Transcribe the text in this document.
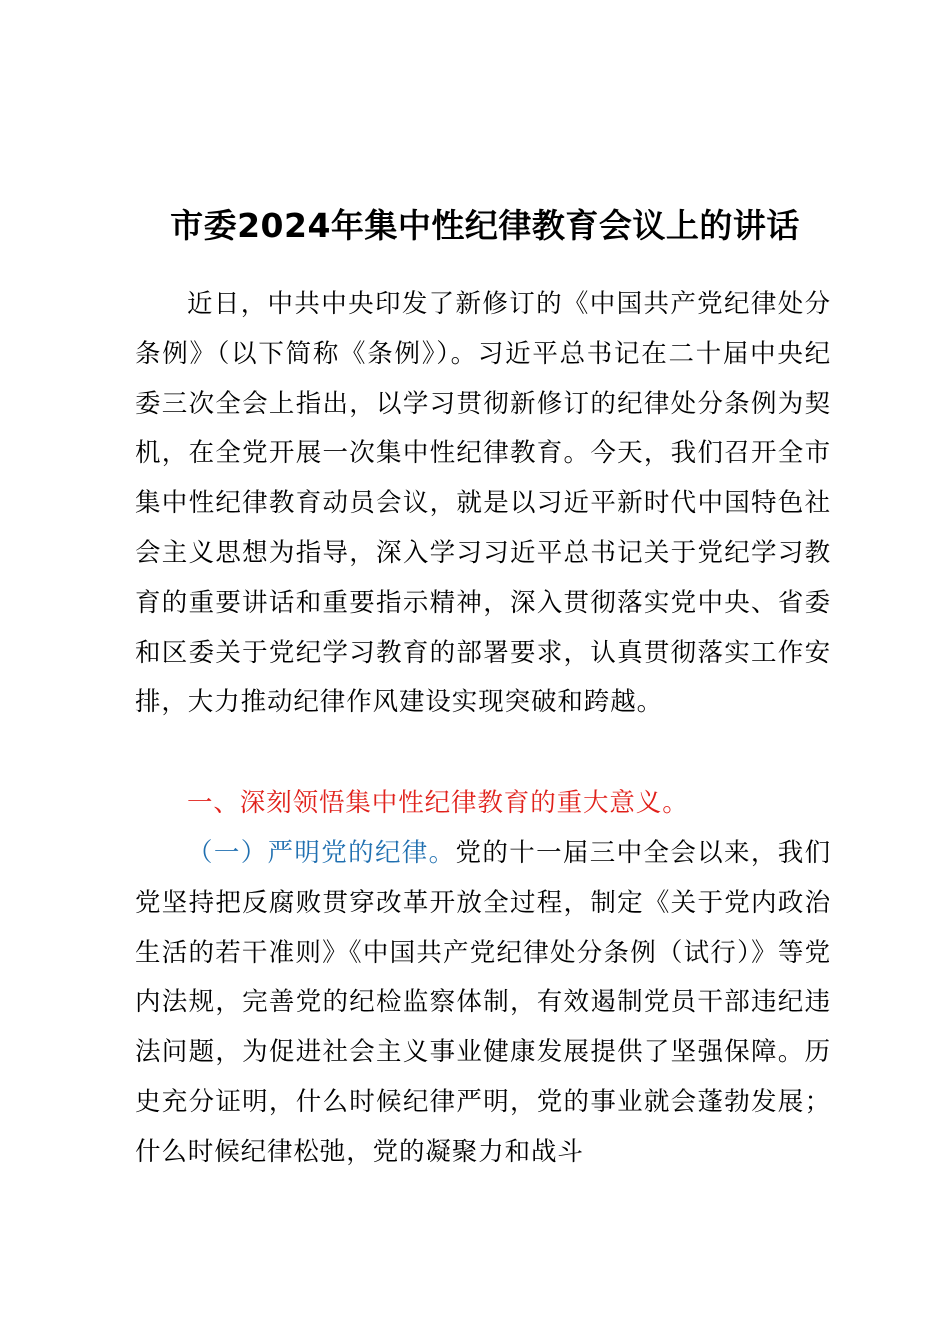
市委2024年集中性纪律教育会议上的讲话

近日，中共中央印发了新修订的《中国共产党纪律处分条例》（以下简称《条例》）。习近平总书记在二十届中央纪委三次全会上指出，以学习贯彻新修订的纪律处分条例为契机，在全党开展一次集中性纪律教育。今天，我们召开全市集中性纪律教育动员会议，就是以习近平新时代中国特色社会主义思想为指导，深入学习习近平总书记关于党纪学习教育的重要讲话和重要指示精神，深入贯彻落实党中央、省委和区委关于党纪学习教育的部署要求，认真贯彻落实工作安排，大力推动纪律作风建设实现突破和跨越。

一、深刻领悟集中性纪律教育的重大意义。

（一）严明党的纪律。党的十一届三中全会以来，我们党坚持把反腐败贯穿改革开放全过程，制定《关于党内政治生活的若干准则》《中国共产党纪律处分条例（试行）》等党内法规，完善党的纪检监察体制，有效遏制党员干部违纪违法问题，为促进社会主义事业健康发展提供了坚强保障。历史充分证明，什么时候纪律严明，党的事业就会蓬勃发展；什么时候纪律松弛，党的凝聚力和战斗
